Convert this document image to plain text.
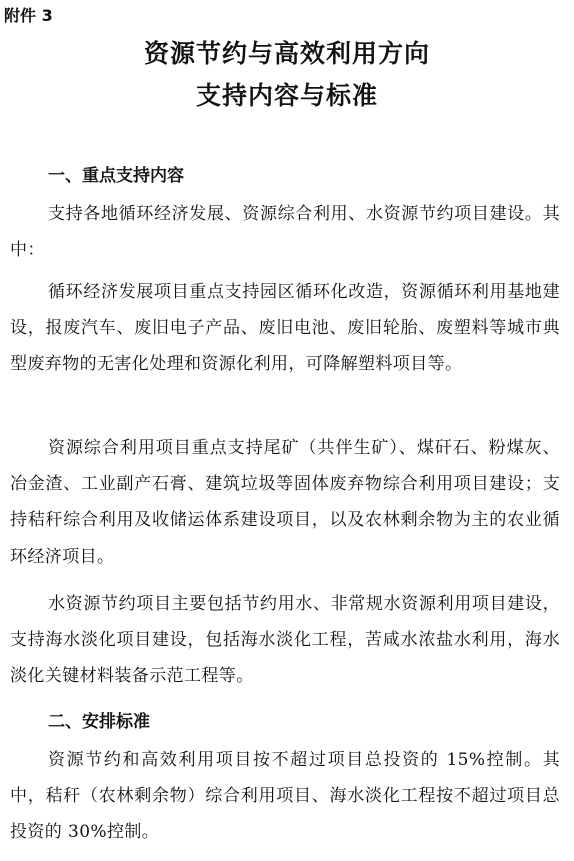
附件 3
资源节约与高效利用方向
支持内容与标准
一、重点支持内容

支持各地循环经济发展、资源综合利用、水资源节约项目建设。其中：

循环经济发展项目重点支持园区循环化改造，资源循环利用基地建设，报废汽车、废旧电子产品、废旧电池、废旧轮胎、废塑料等城市典型废弃物的无害化处理和资源化利用，可降解塑料项目等。

资源综合利用项目重点支持尾矿（共伴生矿）、煤矸石、粉煤灰、冶金渣、工业副产石膏、建筑垃圾等固体废弃物综合利用项目建设；支持秸秆综合利用及收储运体系建设项目，以及农林剩余物为主的农业循环经济项目。

水资源节约项目主要包括节约用水、非常规水资源利用项目建设，支持海水淡化项目建设，包括海水淡化工程，苦咸水浓盐水利用，海水淡化关键材料装备示范工程等。

二、安排标准

资源节约和高效利用项目按不超过项目总投资的 15%控制。其中，秸秆（农林剩余物）综合利用项目、海水淡化工程按不超过项目总投资的 30%控制。
